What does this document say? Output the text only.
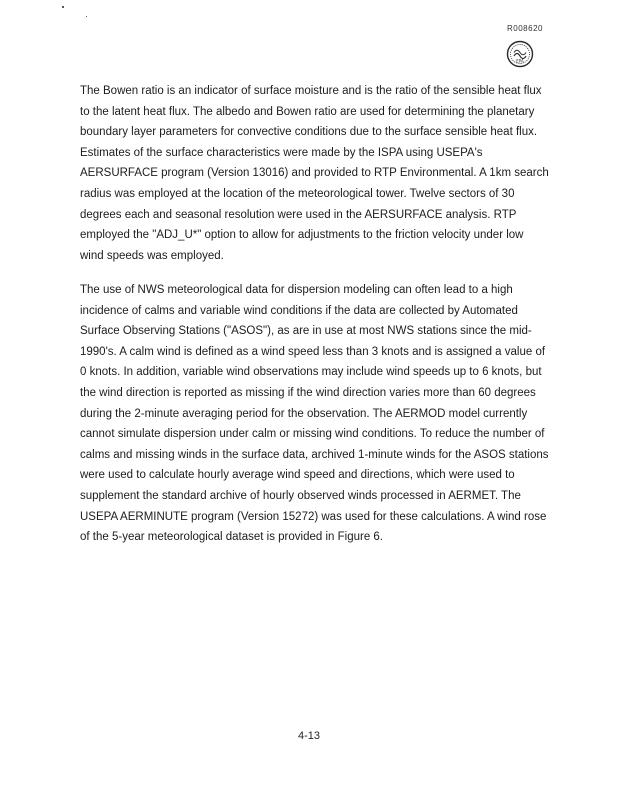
R008620
EPA

The Bowen ratio is an indicator of surface moisture and is the ratio of the sensible heat flux to the latent heat flux. The albedo and Bowen ratio are used for determining the planetary boundary layer parameters for convective conditions due to the surface sensible heat flux. Estimates of the surface characteristics were made by the ISPA using USEPA's AERSURFACE program (Version 13016) and provided to RTP Environmental. A 1km search radius was employed at the location of the meteorological tower. Twelve sectors of 30 degrees each and seasonal resolution were used in the AERSURFACE analysis. RTP employed the "ADJ_U*" option to allow for adjustments to the friction velocity under low wind speeds was employed.

The use of NWS meteorological data for dispersion modeling can often lead to a high incidence of calms and variable wind conditions if the data are collected by Automated Surface Observing Stations ("ASOS"), as are in use at most NWS stations since the mid-1990's. A calm wind is defined as a wind speed less than 3 knots and is assigned a value of 0 knots. In addition, variable wind observations may include wind speeds up to 6 knots, but the wind direction is reported as missing if the wind direction varies more than 60 degrees during the 2-minute averaging period for the observation. The AERMOD model currently cannot simulate dispersion under calm or missing wind conditions. To reduce the number of calms and missing winds in the surface data, archived 1-minute winds for the ASOS stations were used to calculate hourly average wind speed and directions, which were used to supplement the standard archive of hourly observed winds processed in AERMET. The USEPA AERMINUTE program (Version 15272) was used for these calculations. A wind rose of the 5-year meteorological dataset is provided in Figure 6.

4-13
